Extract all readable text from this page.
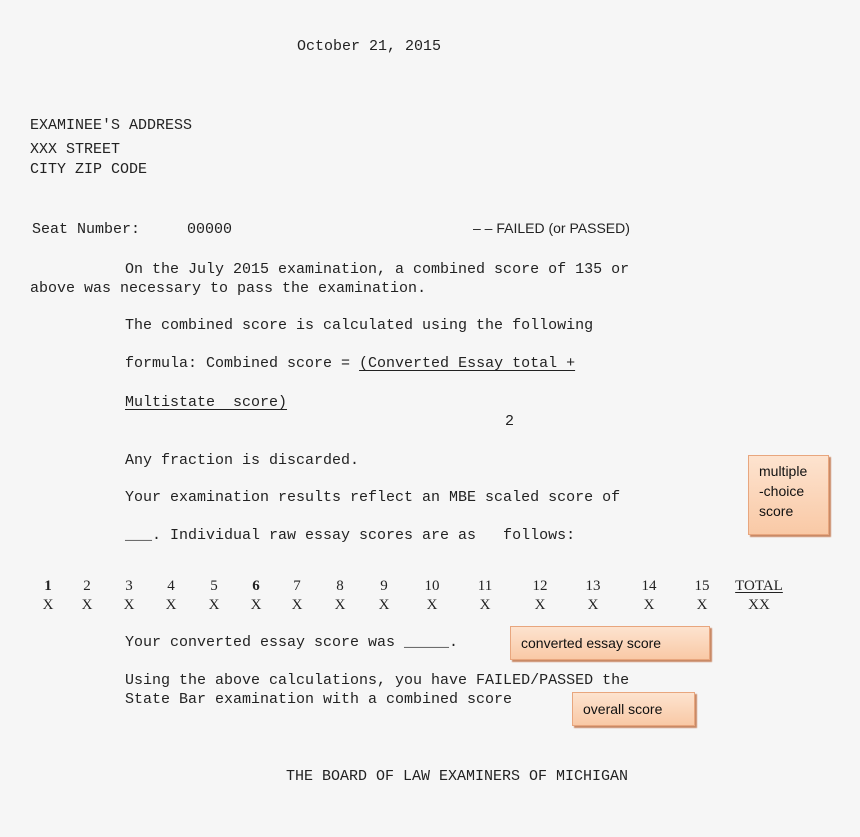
October 21, 2015
EXAMINEE'S ADDRESS
XXX STREET
CITY ZIP CODE
Seat Number:	00000	– – FAILED (or PASSED)
On the July 2015 examination, a combined score of 135 or
above was necessary to pass the examination.
The combined score is calculated using the following
formula: Combined score = (Converted Essay total +
Multistate  score)
2
Any fraction is discarded.
Your examination results reflect an MBE scaled score of
___. Individual raw essay scores are as   follows:
multiple
-choice
score
1	2	3	4	5	6	7	8	9	10	11	12	13	14	15	TOTAL
X	X	X	X	X	X	X	X	X	X	X	X	X	X	X	XX
Your converted essay score was _____.	converted essay score
Using the above calculations, you have FAILED/PASSED the
State Bar examination with a combined score
overall score
THE BOARD OF LAW EXAMINERS OF MICHIGAN
